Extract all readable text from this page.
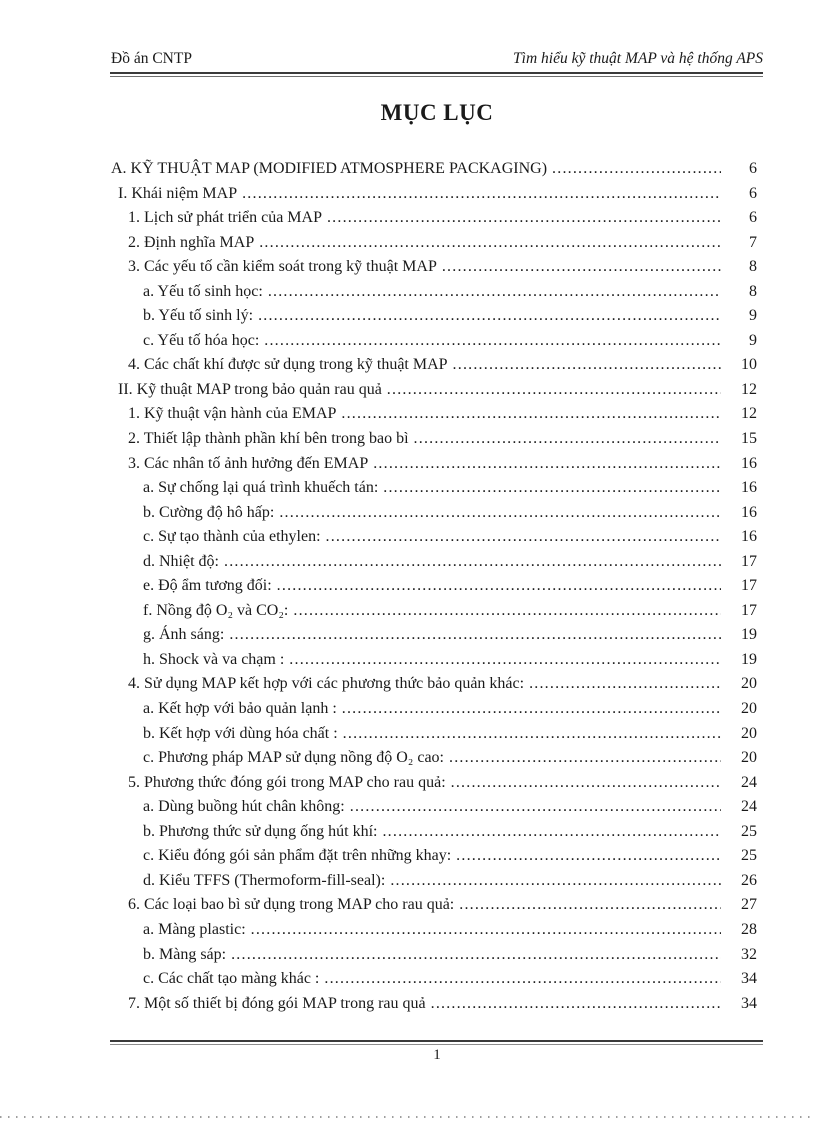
Đồ án CNTP	Tìm hiểu kỹ thuật MAP và hệ thống APS
MỤC LỤC
A. KỸ THUẬT MAP (MODIFIED ATMOSPHERE PACKAGING) .....	6
I. Khái niệm MAP .....	6
1. Lịch sử phát triển của MAP .....	6
2. Định nghĩa MAP .....	7
3. Các yếu tố cần kiểm soát trong kỹ thuật MAP .....	8
a. Yếu tố sinh học: .....	8
b. Yếu tố sinh lý: .....	9
c. Yếu tố hóa học: .....	9
4. Các chất khí được sử dụng trong kỹ thuật MAP .....	10
II. Kỹ thuật MAP trong bảo quản rau quả .....	12
1. Kỹ thuật vận hành của EMAP .....	12
2. Thiết lập thành phần khí bên trong bao bì .....	15
3. Các nhân tố ảnh hưởng đến EMAP .....	16
a. Sự chống lại quá trình khuếch tán: .....	16
b. Cường độ hô hấp: .....	16
c. Sự tạo thành của ethylen: .....	16
d. Nhiệt độ: .....	17
e. Độ ẩm tương đối: .....	17
f. Nồng độ O₂ và CO₂: .....	17
g. Ánh sáng: .....	19
h. Shock và va chạm : .....	19
4. Sử dụng MAP kết hợp với các phương thức bảo quản khác: .....	20
a. Kết hợp với bảo quản lạnh : .....	20
b. Kết hợp với dùng hóa chất : .....	20
c. Phương pháp MAP sử dụng nồng độ O₂ cao: .....	20
5. Phương thức đóng gói trong MAP cho rau quả: .....	24
a. Dùng buồng hút chân không: .....	24
b. Phương thức sử dụng ống hút khí: .....	25
c. Kiểu đóng gói sản phẩm đặt trên những khay: .....	25
d. Kiểu TFFS (Thermoform-fill-seal): .....	26
6. Các loại bao bì sử dụng trong MAP cho rau quả: .....	27
a. Màng plastic: .....	28
b. Màng sáp: .....	32
c. Các chất tạo màng khác : .....	34
7. Một số thiết bị đóng gói MAP trong rau quả .....	34
1
